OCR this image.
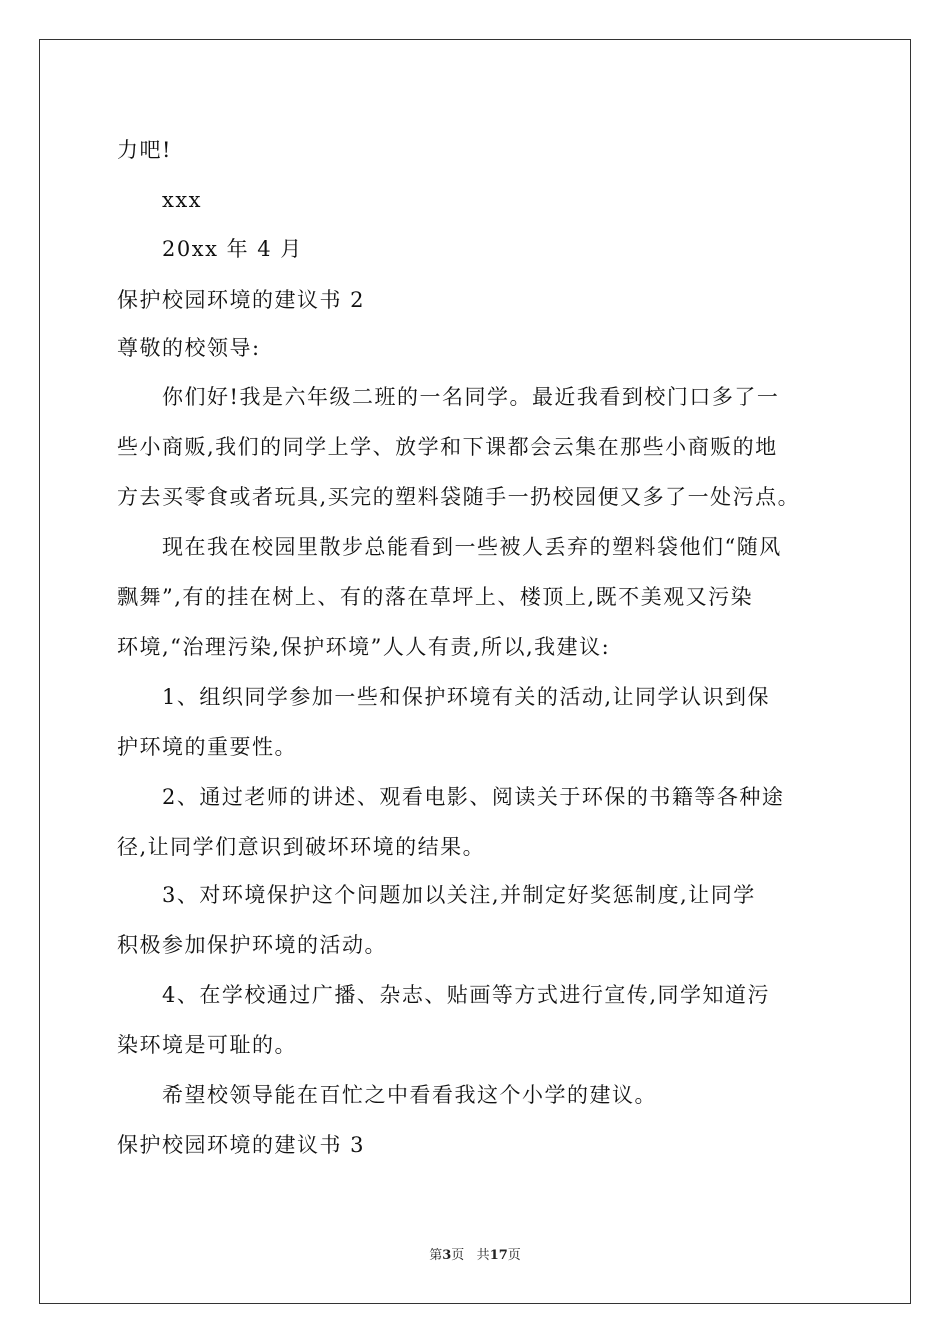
力吧!
xxx
20xx 年 4 月
保护校园环境的建议书 2
尊敬的校领导:
你们好!我是六年级二班的一名同学。最近我看到校门口多了一
些小商贩,我们的同学上学、放学和下课都会云集在那些小商贩的地
方去买零食或者玩具,买完的塑料袋随手一扔校园便又多了一处污点。
现在我在校园里散步总能看到一些被人丢弃的塑料袋他们“随风
飘舞”,有的挂在树上、有的落在草坪上、楼顶上,既不美观又污染
环境,“治理污染,保护环境”人人有责,所以,我建议:
1、组织同学参加一些和保护环境有关的活动,让同学认识到保
护环境的重要性。
2、通过老师的讲述、观看电影、阅读关于环保的书籍等各种途
径,让同学们意识到破坏环境的结果。
3、对环境保护这个问题加以关注,并制定好奖惩制度,让同学
积极参加保护环境的活动。
4、在学校通过广播、杂志、贴画等方式进行宣传,同学知道污
染环境是可耻的。
希望校领导能在百忙之中看看我这个小学的建议。
保护校园环境的建议书 3
第3页 共17页
